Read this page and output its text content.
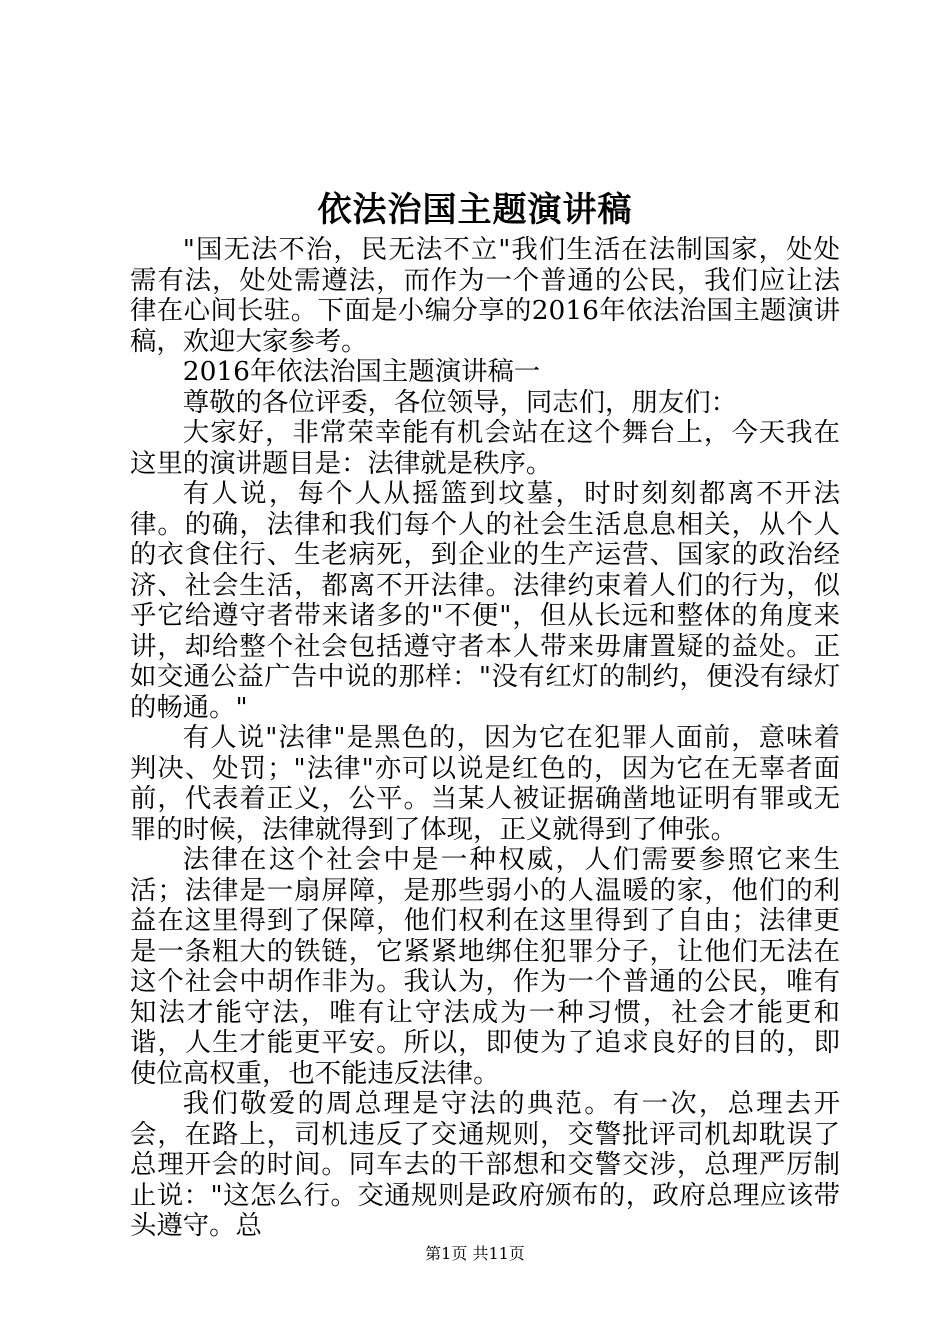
依法治国主题演讲稿

"国无法不治，民无法不立"我们生活在法制国家，处处需有法，处处需遵法，而作为一个普通的公民，我们应让法律在心间长驻。下面是小编分享的2016年依法治国主题演讲稿，欢迎大家参考。

2016年依法治国主题演讲稿一

尊敬的各位评委，各位领导，同志们，朋友们：

大家好，非常荣幸能有机会站在这个舞台上，今天我在这里的演讲题目是：法律就是秩序。

有人说，每个人从摇篮到坟墓，时时刻刻都离不开法律。的确，法律和我们每个人的社会生活息息相关，从个人的衣食住行、生老病死，到企业的生产运营、国家的政治经济、社会生活，都离不开法律。法律约束着人们的行为，似乎它给遵守者带来诸多的"不便"，但从长远和整体的角度来讲，却给整个社会包括遵守者本人带来毋庸置疑的益处。正如交通公益广告中说的那样："没有红灯的制约，便没有绿灯的畅通。"

有人说"法律"是黑色的，因为它在犯罪人面前，意味着判决、处罚；"法律"亦可以说是红色的，因为它在无辜者面前，代表着正义，公平。当某人被证据确凿地证明有罪或无罪的时候，法律就得到了体现，正义就得到了伸张。

法律在这个社会中是一种权威，人们需要参照它来生活；法律是一扇屏障，是那些弱小的人温暖的家，他们的利益在这里得到了保障，他们权利在这里得到了自由；法律更是一条粗大的铁链，它紧紧地绑住犯罪分子，让他们无法在这个社会中胡作非为。我认为，作为一个普通的公民，唯有知法才能守法，唯有让守法成为一种习惯，社会才能更和谐，人生才能更平安。所以，即使为了追求良好的目的，即使位高权重，也不能违反法律。

我们敬爱的周总理是守法的典范。有一次，总理去开会，在路上，司机违反了交通规则，交警批评司机却耽误了总理开会的时间。同车去的干部想和交警交涉，总理严厉制止说："这怎么行。交通规则是政府颁布的，政府总理应该带头遵守。总

第1页 共11页
